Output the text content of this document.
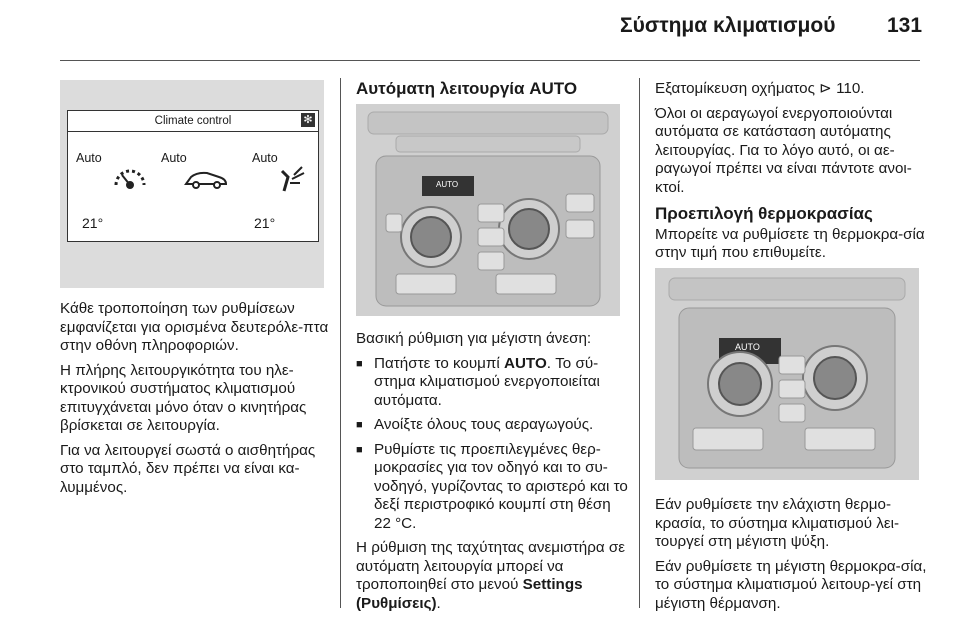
Σύστημα κλιματισμού 131
Climate control	✻
Auto	Auto	Auto
21°	21°

Κάθε τροποποίηση των ρυθμίσεων εμφανίζεται για ορισμένα δευτερόλε-πτα στην οθόνη πληροφοριών.

Η πλήρης λειτουργικότητα του ηλε-κτρονικού συστήματος κλιματισμού επιτυγχάνεται μόνο όταν ο κινητήρας βρίσκεται σε λειτουργία.

Για να λειτουργεί σωστά ο αισθητήρας στο ταμπλό, δεν πρέπει να είναι κα-λυμμένος.

Αυτόματη λειτουργία AUTO
AUTO

Βασική ρύθμιση για μέγιστη άνεση:

■ Πατήστε το κουμπί AUTO. Το σύ-στημα κλιματισμού ενεργοποιείται αυτόματα.
■ Ανοίξτε όλους τους αεραγωγούς.
■ Ρυθμίστε τις προεπιλεγμένες θερ-μοκρασίες για τον οδηγό και το συ-νοδηγό, γυρίζοντας το αριστερό και το δεξί περιστροφικό κουμπί στη θέση 22 °C.

Η ρύθμιση της ταχύτητας ανεμιστήρα σε αυτόματη λειτουργία μπορεί να τροποποιηθεί στο μενού Settings (Ρυθμίσεις).

Εξατομίκευση οχήματος ⊳ 110.

Όλοι οι αεραγωγοί ενεργοποιούνται αυτόματα σε κατάσταση αυτόματης λειτουργίας. Για το λόγο αυτό, οι αε-ραγωγοί πρέπει να είναι πάντοτε ανοι-κτοί.

Προεπιλογή θερμοκρασίας

Μπορείτε να ρυθμίσετε τη θερμοκρα-σία στην τιμή που επιθυμείτε.

AUTO

Εάν ρυθμίσετε την ελάχιστη θερμο-κρασία, το σύστημα κλιματισμού λει-τουργεί στη μέγιστη ψύξη.

Εάν ρυθμίσετε τη μέγιστη θερμοκρα-σία, το σύστημα κλιματισμού λειτουρ-γεί στη μέγιστη θέρμανση.
